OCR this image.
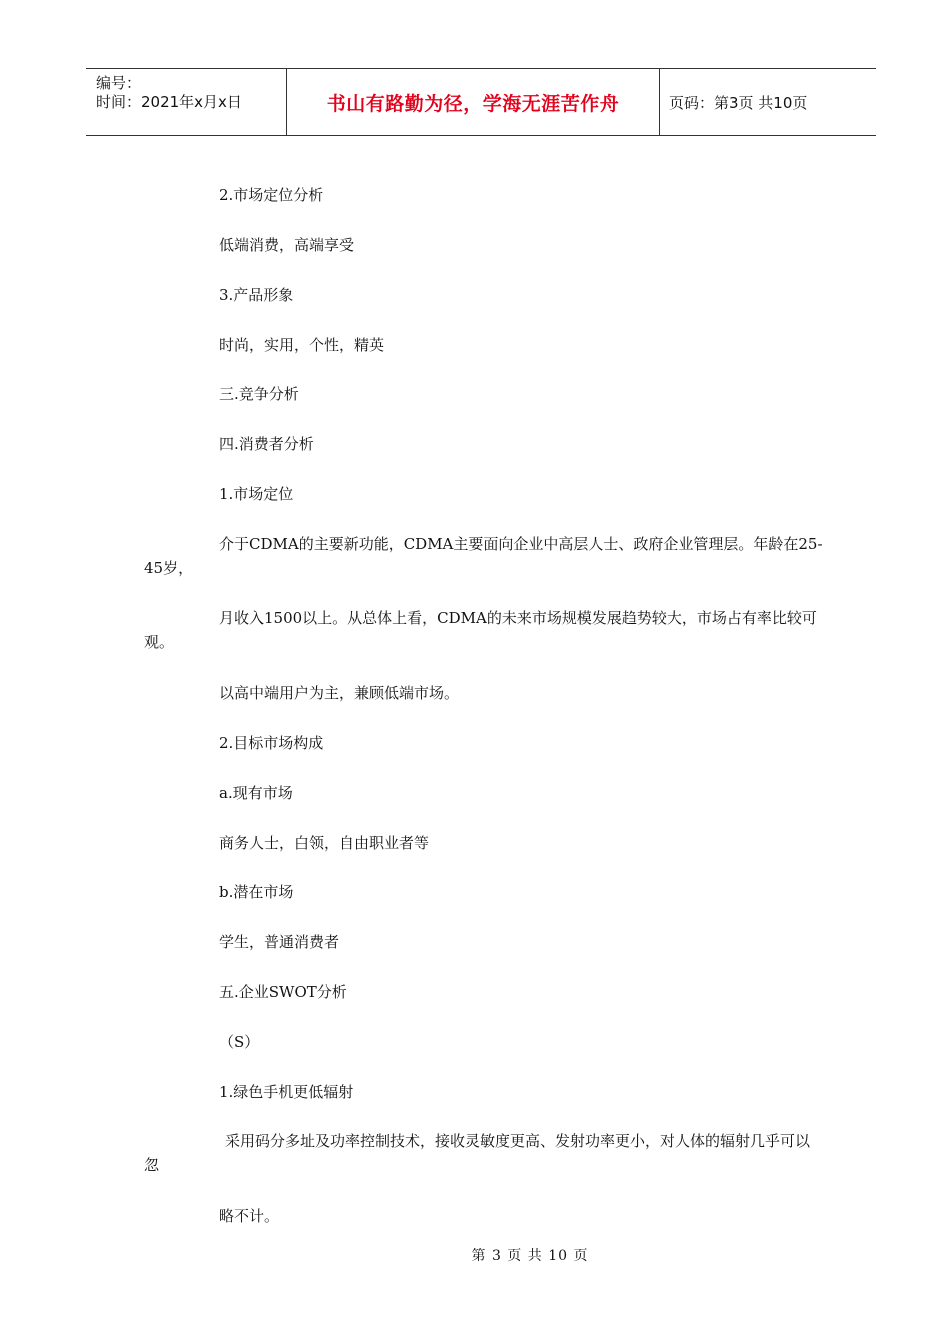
编号：
时间：2021年x月x日	书山有路勤为径，学海无涯苦作舟	页码：第3页 共10页
2.市场定位分析
低端消费，高端享受
3.产品形象
时尚，实用，个性，精英
三.竞争分析
四.消费者分析
1.市场定位
介于CDMA的主要新功能，CDMA主要面向企业中高层人士、政府企业管理层。年龄在25-45岁，
月收入1500以上。从总体上看，CDMA的未来市场规模发展趋势较大，市场占有率比较可观。
以高中端用户为主，兼顾低端市场。
2.目标市场构成
a.现有市场
商务人士，白领，自由职业者等
b.潜在市场
学生，普通消费者
五.企业SWOT分析
（S）
1.绿色手机更低辐射
采用码分多址及功率控制技术，接收灵敏度更高、发射功率更小，对人体的辐射几乎可以忽
略不计。
第 3 页 共 10 页
